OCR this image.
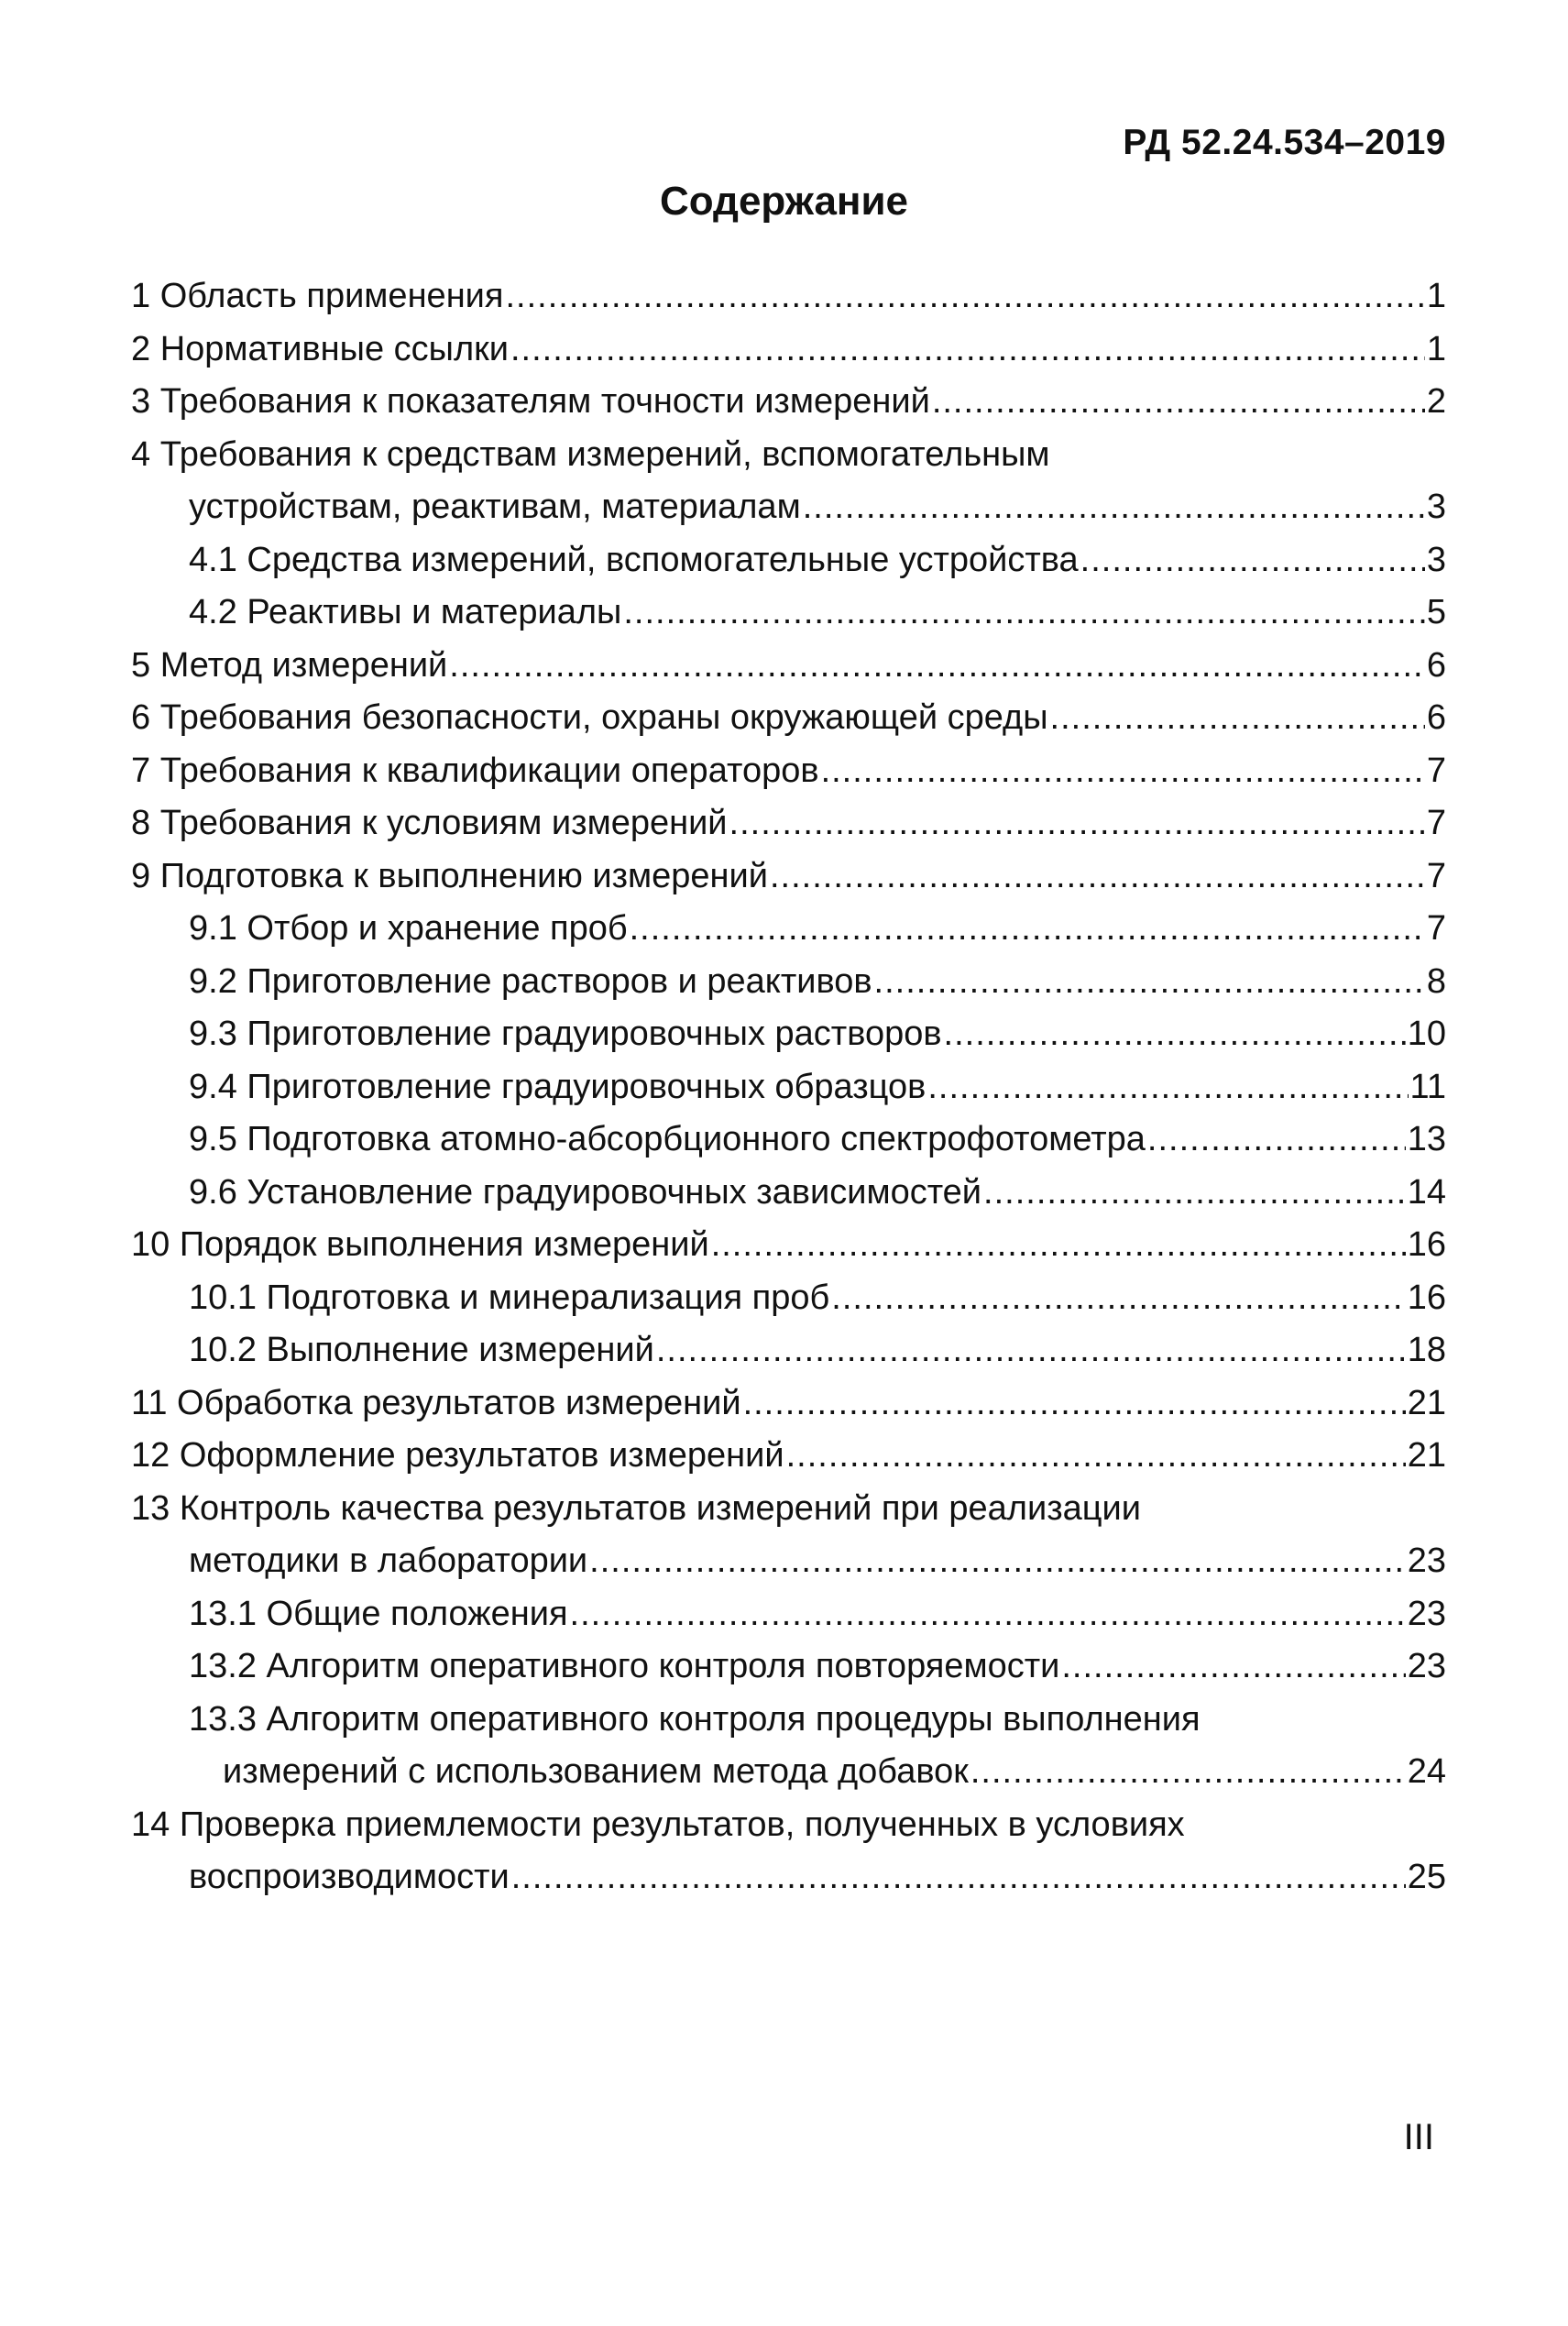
РД 52.24.534–2019
Содержание
1 Область применения .....	1
2 Нормативные ссылки .....	1
3 Требования к показателям точности измерений .....	2
4 Требования к средствам измерений, вспомогательным
устройствам, реактивам, материалам .....	3
4.1 Средства измерений, вспомогательные устройства .....	3
4.2 Реактивы и материалы .....	5
5 Метод измерений .....	6
6 Требования безопасности, охраны окружающей среды .....	6
7 Требования к квалификации операторов .....	7
8 Требования к условиям измерений .....	7
9 Подготовка к выполнению измерений .....	7
9.1 Отбор и хранение проб .....	7
9.2 Приготовление растворов и реактивов .....	8
9.3 Приготовление градуировочных растворов .....	10
9.4 Приготовление градуировочных образцов .....	11
9.5 Подготовка атомно-абсорбционного спектрофотометра .....	13
9.6 Установление градуировочных зависимостей .....	14
10 Порядок выполнения измерений .....	16
10.1 Подготовка и минерализация проб .....	16
10.2 Выполнение измерений .....	18
11 Обработка результатов измерений .....	21
12 Оформление результатов измерений .....	21
13 Контроль качества результатов измерений при реализации
методики в лаборатории .....	23
13.1 Общие положения .....	23
13.2 Алгоритм оперативного контроля повторяемости .....	23
13.3 Алгоритм оперативного контроля процедуры выполнения
измерений с использованием метода добавок .....	24
14 Проверка приемлемости результатов, полученных в условиях
воспроизводимости .....	25
III
